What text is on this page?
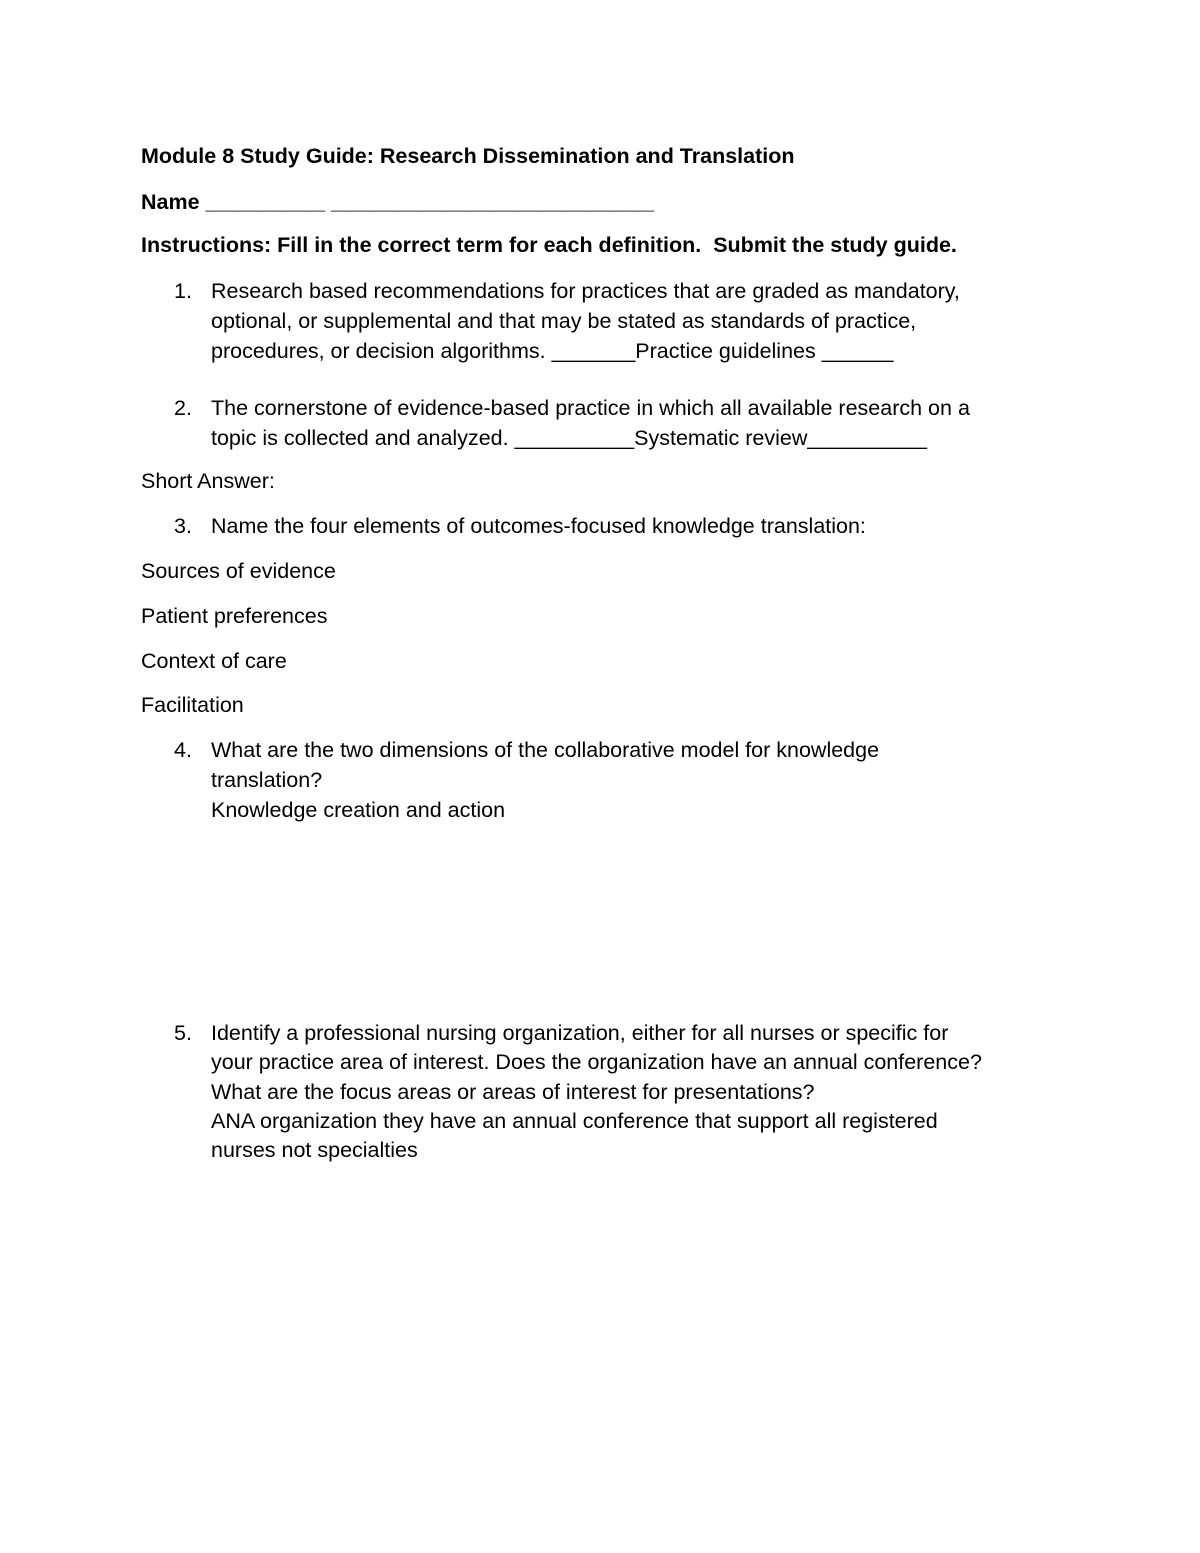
Module 8 Study Guide: Research Dissemination and Translation
Name __________ ___________________________
Instructions: Fill in the correct term for each definition.  Submit the study guide.
1. Research based recommendations for practices that are graded as mandatory,
optional, or supplemental and that may be stated as standards of practice,
procedures, or decision algorithms. _______Practice guidelines ______
2. The cornerstone of evidence-based practice in which all available research on a
topic is collected and analyzed. __________Systematic review__________
Short Answer:
3. Name the four elements of outcomes-focused knowledge translation:
Sources of evidence
Patient preferences
Context of care
Facilitation
4. What are the two dimensions of the collaborative model for knowledge
translation?
Knowledge creation and action
5. Identify a professional nursing organization, either for all nurses or specific for
your practice area of interest. Does the organization have an annual conference?
What are the focus areas or areas of interest for presentations?
ANA organization they have an annual conference that support all registered
nurses not specialties
